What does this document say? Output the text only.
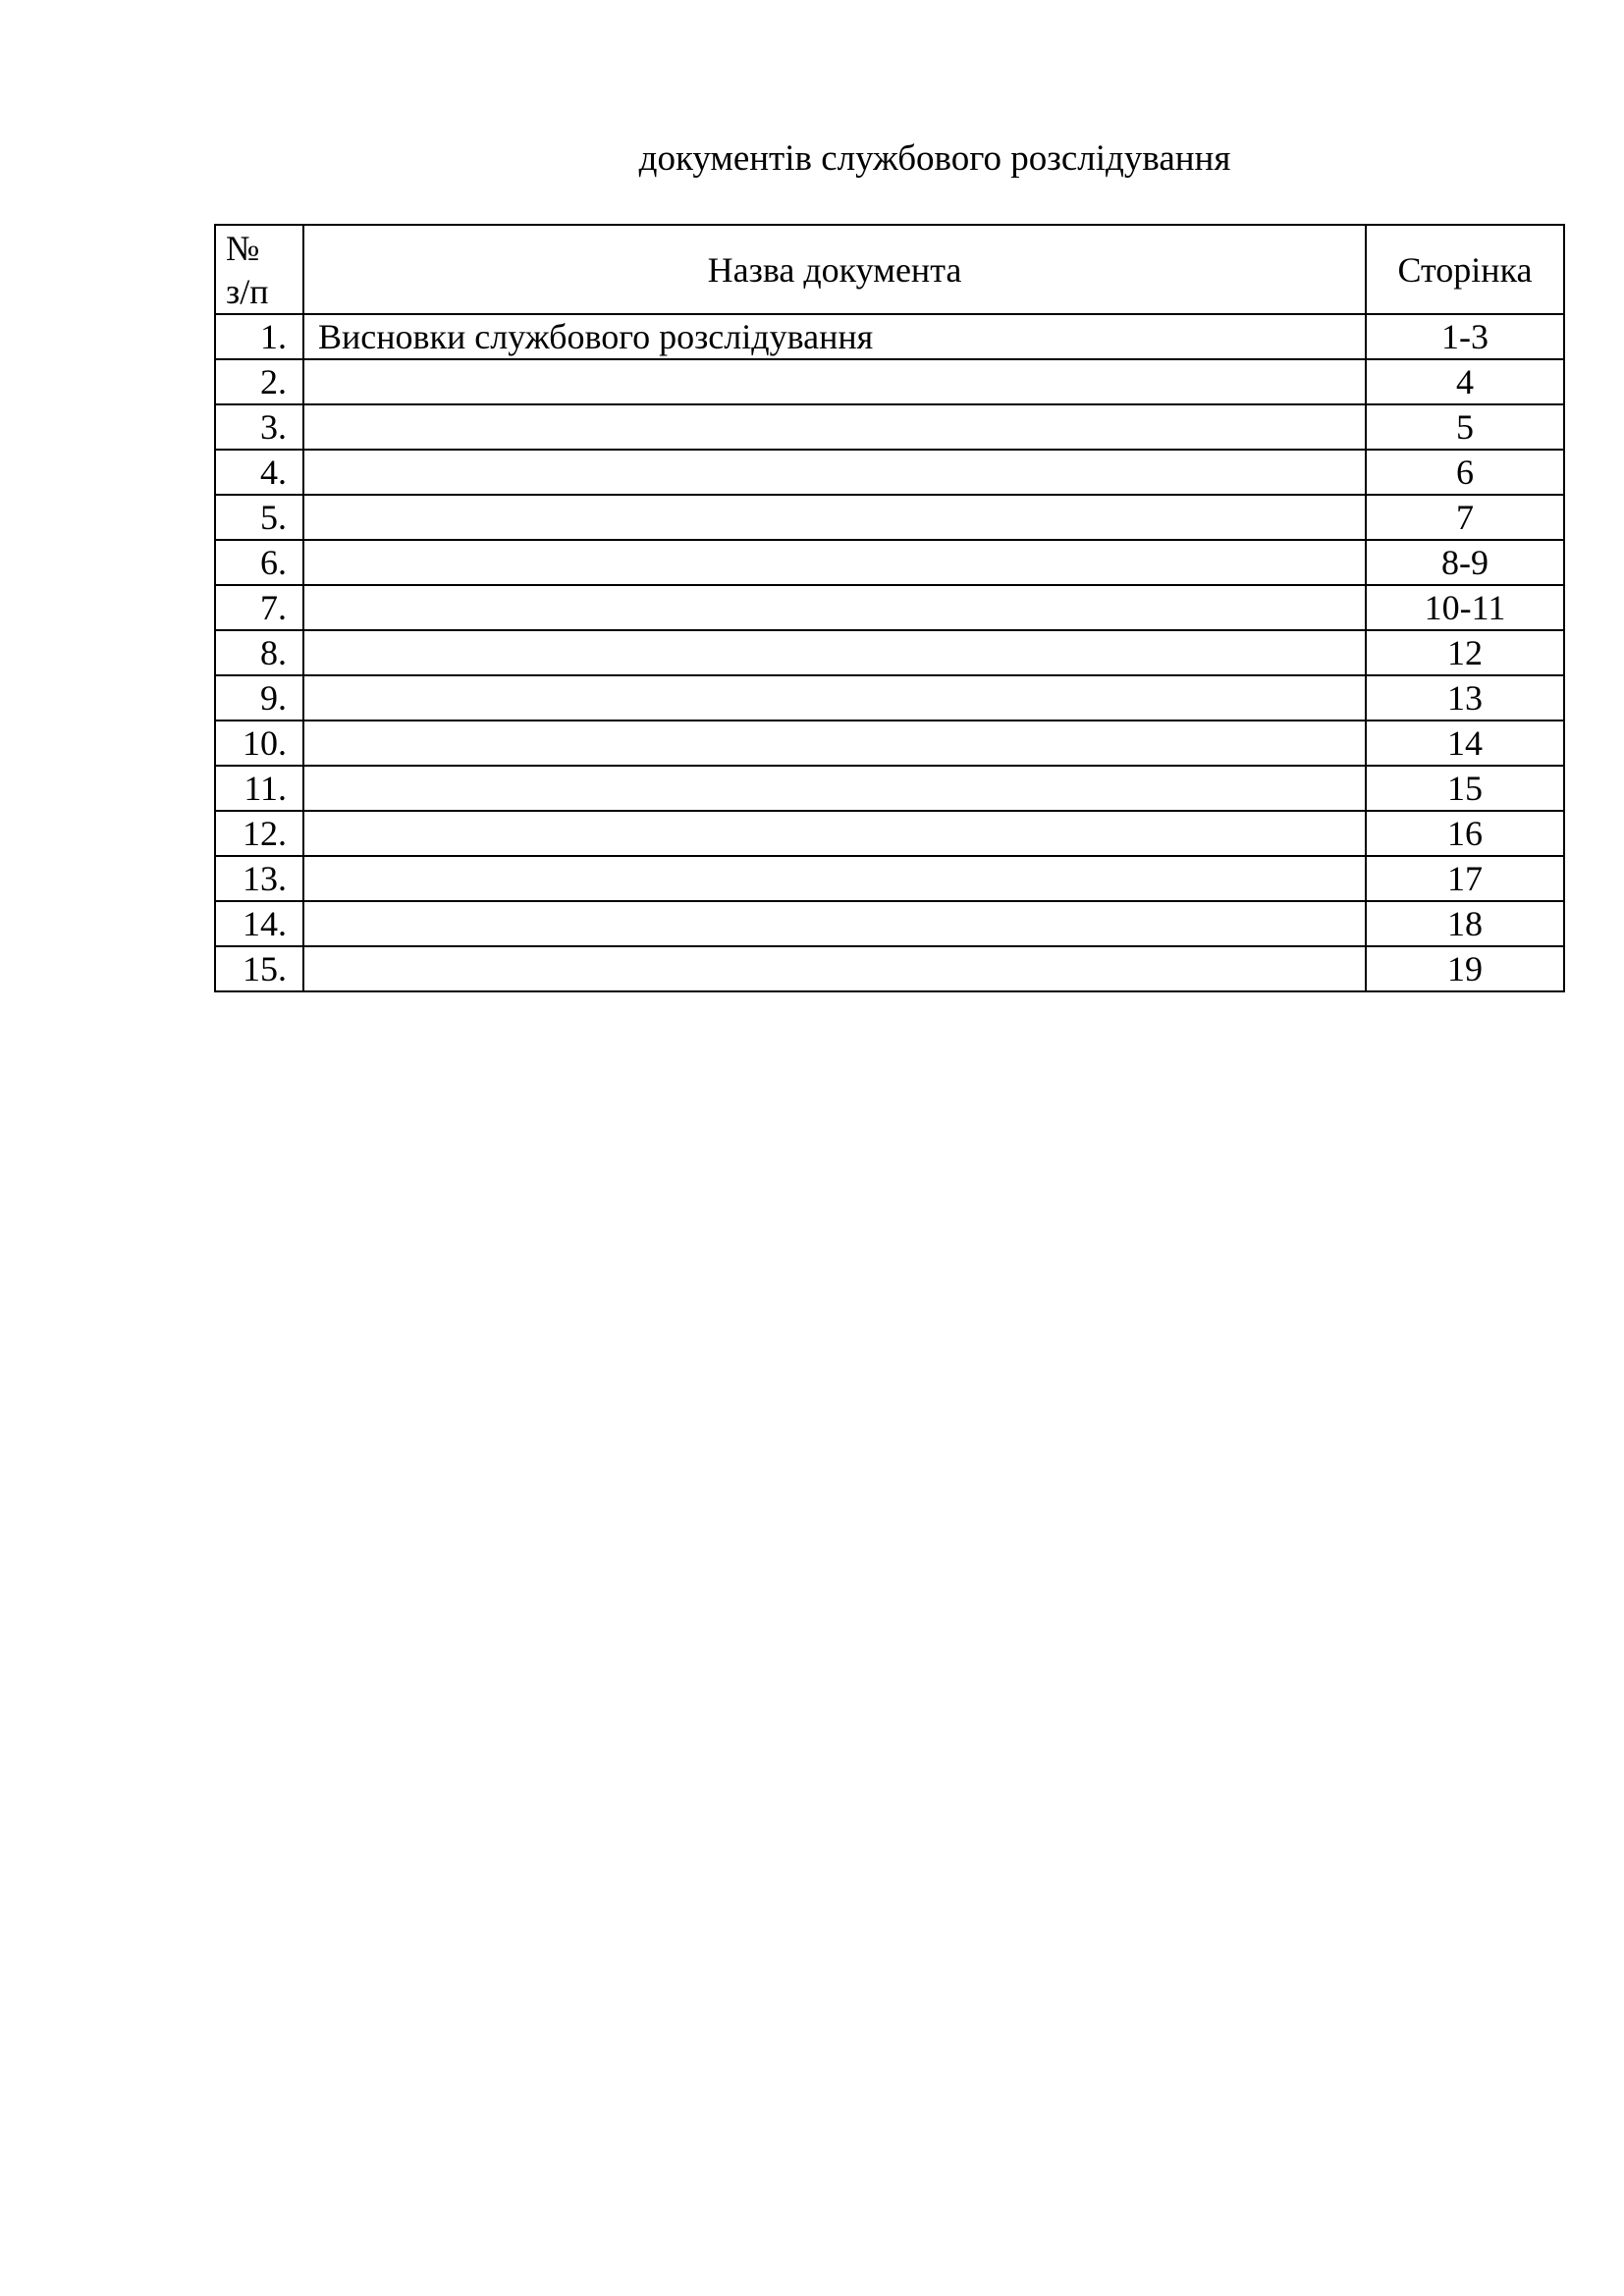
документів службового розслідування
№
з/п	Назва документа	Сторінка
1.	Висновки службового розслідування	1-3
2.		4
3.		5
4.		6
5.		7
6.		8-9
7.		10-11
8.		12
9.		13
10.		14
11.		15
12.		16
13.		17
14.		18
15.		19
